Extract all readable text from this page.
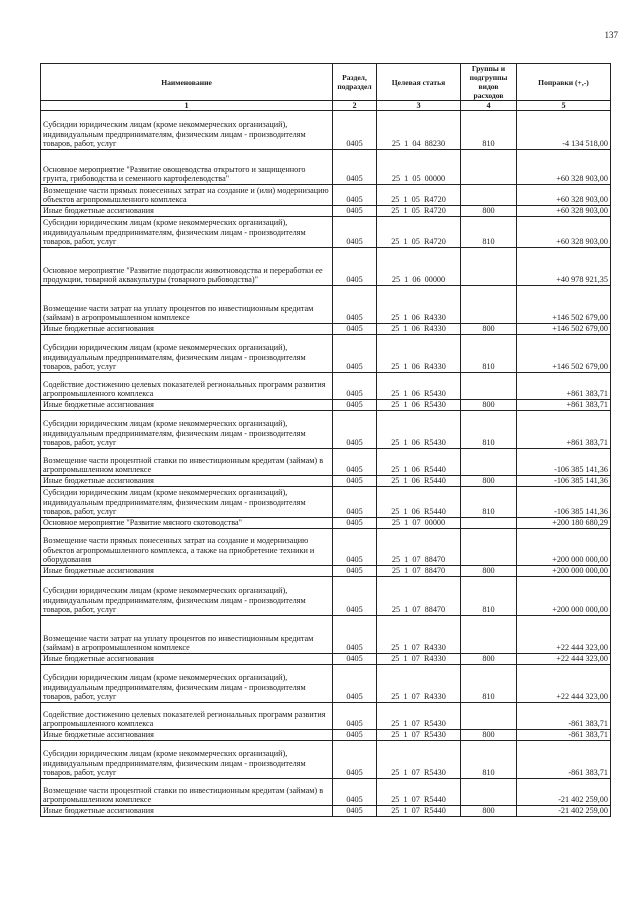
137
Наименование	Раздел, подраздел	Целевая статья	Группы и подгруппы видов расходов	Поправки (+,-)
1	2	3	4	5
Субсидии юридическим лицам (кроме некоммерческих организаций), индивидуальным предпринимателям, физическим лицам - производителям товаров, работ, услуг	0405	25  1  04  88230	810	-4 134 518,00
Основное мероприятие "Развитие овощеводства открытого и защищенного грунта, грибоводства и семенного картофелеводства"	0405	25  1  05  00000		+60 328 903,00
Возмещение части прямых понесенных затрат на создание и (или) модернизацию объектов агропромышленного комплекса	0405	25  1  05  R4720		+60 328 903,00
Иные бюджетные ассигнования	0405	25  1  05  R4720	800	+60 328 903,00
Субсидии юридическим лицам (кроме некоммерческих организаций), индивидуальным предпринимателям, физическим лицам - производителям товаров, работ, услуг	0405	25  1  05  R4720	810	+60 328 903,00
Основное мероприятие "Развитие подотрасли животноводства и переработки ее продукции, товарной аквакультуры (товарного рыбоводства)"	0405	25  1  06  00000		+40 978 921,35
Возмещение части затрат на уплату процентов по инвестиционным кредитам (займам) в агропромышленном комплексе	0405	25  1  06  R4330		+146 502 679,00
Иные бюджетные ассигнования	0405	25  1  06  R4330	800	+146 502 679,00
Субсидии юридическим лицам (кроме некоммерческих организаций), индивидуальным предпринимателям, физическим лицам - производителям товаров, работ, услуг	0405	25  1  06  R4330	810	+146 502 679,00
Содействие достижению целевых показателей региональных программ развития агропромышленного комплекса	0405	25  1  06  R5430		+861 383,71
Иные бюджетные ассигнования	0405	25  1  06  R5430	800	+861 383,71
Субсидии юридическим лицам (кроме некоммерческих организаций), индивидуальным предпринимателям, физическим лицам - производителям товаров, работ, услуг	0405	25  1  06  R5430	810	+861 383,71
Возмещение части процентной ставки по инвестиционным кредитам (займам) в агропромышленном комплексе	0405	25  1  06  R5440		-106 385 141,36
Иные бюджетные ассигнования	0405	25  1  06  R5440	800	-106 385 141,36
Субсидии юридическим лицам (кроме некоммерческих организаций), индивидуальным предпринимателям, физическим лицам - производителям товаров, работ, услуг	0405	25  1  06  R5440	810	-106 385 141,36
Основное мероприятие "Развитие мясного скотоводства"	0405	25  1  07  00000		+200 180 680,29
Возмещение части прямых понесенных затрат на создание и модернизацию объектов агропромышленного комплекса, а также на приобретение техники и оборудования	0405	25  1  07  88470		+200 000 000,00
Иные бюджетные ассигнования	0405	25  1  07  88470	800	+200 000 000,00
Субсидии юридическим лицам (кроме некоммерческих организаций), индивидуальным предпринимателям, физическим лицам - производителям товаров, работ, услуг	0405	25  1  07  88470	810	+200 000 000,00
Возмещение части затрат на уплату процентов по инвестиционным кредитам (займам) в агропромышленном комплексе	0405	25  1  07  R4330		+22 444 323,00
Иные бюджетные ассигнования	0405	25  1  07  R4330	800	+22 444 323,00
Субсидии юридическим лицам (кроме некоммерческих организаций), индивидуальным предпринимателям, физическим лицам - производителям товаров, работ, услуг	0405	25  1  07  R4330	810	+22 444 323,00
Содействие достижению целевых показателей региональных программ развития агропромышленного комплекса	0405	25  1  07  R5430		-861 383,71
Иные бюджетные ассигнования	0405	25  1  07  R5430	800	-861 383,71
Субсидии юридическим лицам (кроме некоммерческих организаций), индивидуальным предпринимателям, физическим лицам - производителям товаров, работ, услуг	0405	25  1  07  R5430	810	-861 383,71
Возмещение части процентной ставки по инвестиционным кредитам (займам) в агропромышленном комплексе	0405	25  1  07  R5440		-21 402 259,00
Иные бюджетные ассигнования	0405	25  1  07  R5440	800	-21 402 259,00
